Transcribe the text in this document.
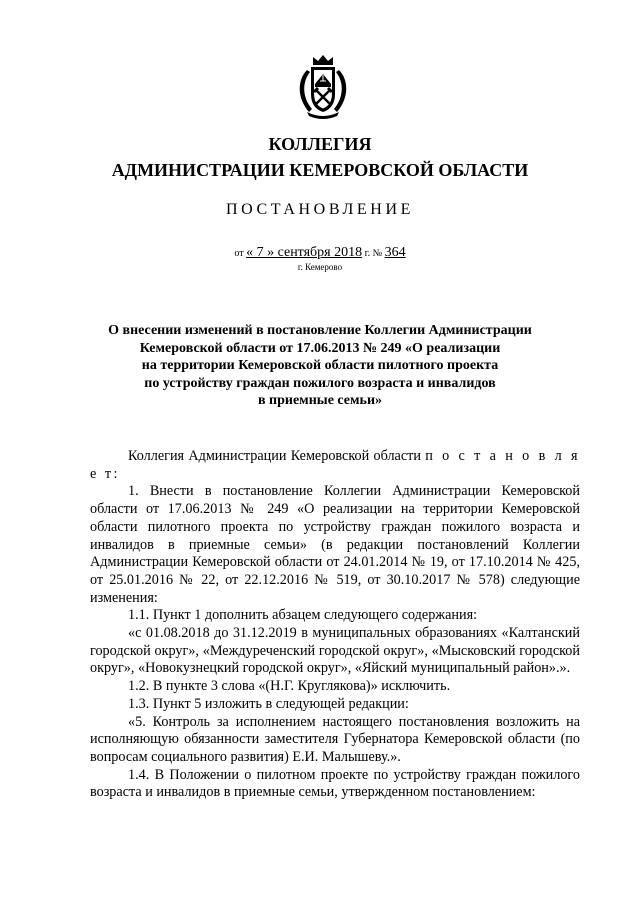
КОЛЛЕГИЯ
АДМИНИСТРАЦИИ КЕМЕРОВСКОЙ ОБЛАСТИ
ПОСТАНОВЛЕНИЕ
от « 7 » сентября 2018 г. № 364
г. Кемерово
О внесении изменений в постановление Коллегии Администрации
Кемеровской области от 17.06.2013 № 249 «О реализации
на территории Кемеровской области пилотного проекта
по устройству граждан пожилого возраста и инвалидов
в приемные семьи»

Коллегия Администрации Кемеровской области п о с т а н о в л я е т:

1. Внести в постановление Коллегии Администрации Кемеровской области от 17.06.2013 № 249 «О реализации на территории Кемеровской области пилотного проекта по устройству граждан пожилого возраста и инвалидов в приемные семьи» (в редакции постановлений Коллегии Администрации Кемеровской области от 24.01.2014 № 19, от 17.10.2014 № 425, от 25.01.2016 № 22, от 22.12.2016 № 519, от 30.10.2017 № 578) следующие изменения:

1.1. Пункт 1 дополнить абзацем следующего содержания:

«с 01.08.2018 до 31.12.2019 в муниципальных образованиях «Калтанский городской округ», «Междуреченский городской округ», «Мысковский городской округ», «Новокузнецкий городской округ», «Яйский муниципальный район».».

1.2. В пункте 3 слова «(Н.Г. Круглякова)» исключить.

1.3. Пункт 5 изложить в следующей редакции:

«5. Контроль за исполнением настоящего постановления возложить на исполняющую обязанности заместителя Губернатора Кемеровской области (по вопросам социального развития) Е.И. Малышеву.».

1.4. В Положении о пилотном проекте по устройству граждан пожилого возраста и инвалидов в приемные семьи, утвержденном постановлением:
